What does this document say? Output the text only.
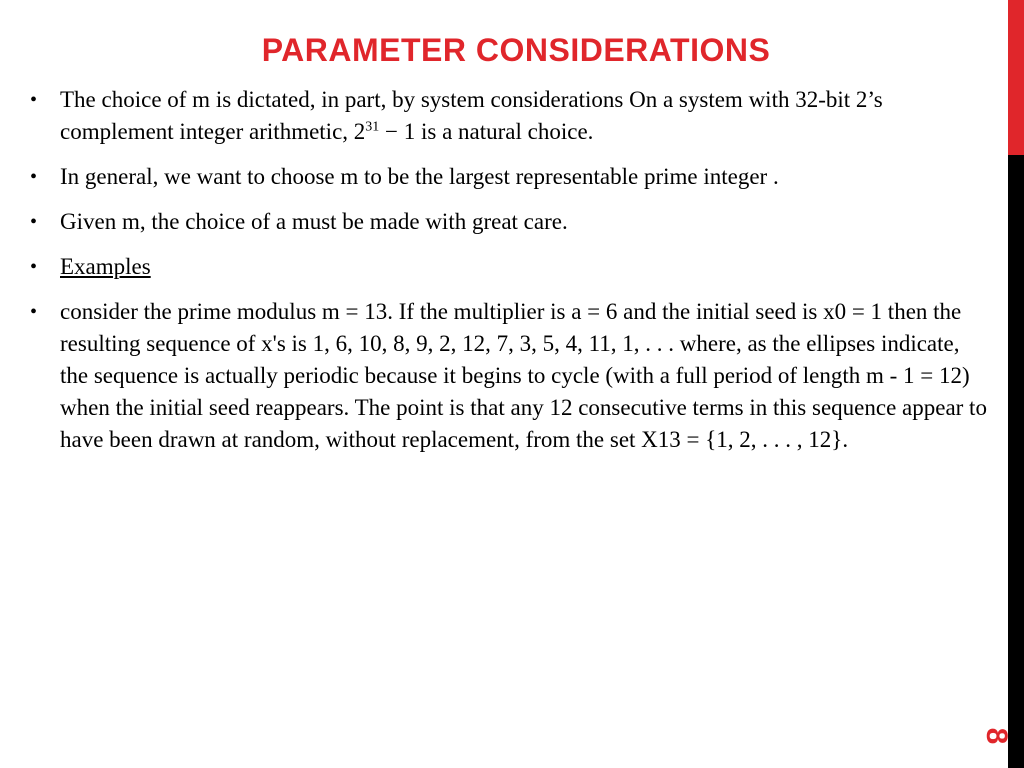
PARAMETER CONSIDERATIONS
• The choice of m is dictated, in part, by system considerations On a system with 32-bit 2’s complement integer arithmetic, $2^{31} - 1$ is a natural choice.
• In general, we want to choose m to be the largest representable prime integer .
• Given m, the choice of a must be made with great care.
• Examples
• consider the prime modulus m = 13. If the multiplier is a = 6 and the initial seed is x0 = 1 then the resulting sequence of x's is 1, 6, 10, 8, 9, 2, 12, 7, 3, 5, 4, 11, 1, . . . where, as the ellipses indicate, the sequence is actually periodic because it begins to cycle (with a full period of length m - 1 = 12) when the initial seed reappears. The point is that any 12 consecutive terms in this sequence appear to have been drawn at random, without replacement, from the set X13 = {1, 2, . . . , 12}.
8
